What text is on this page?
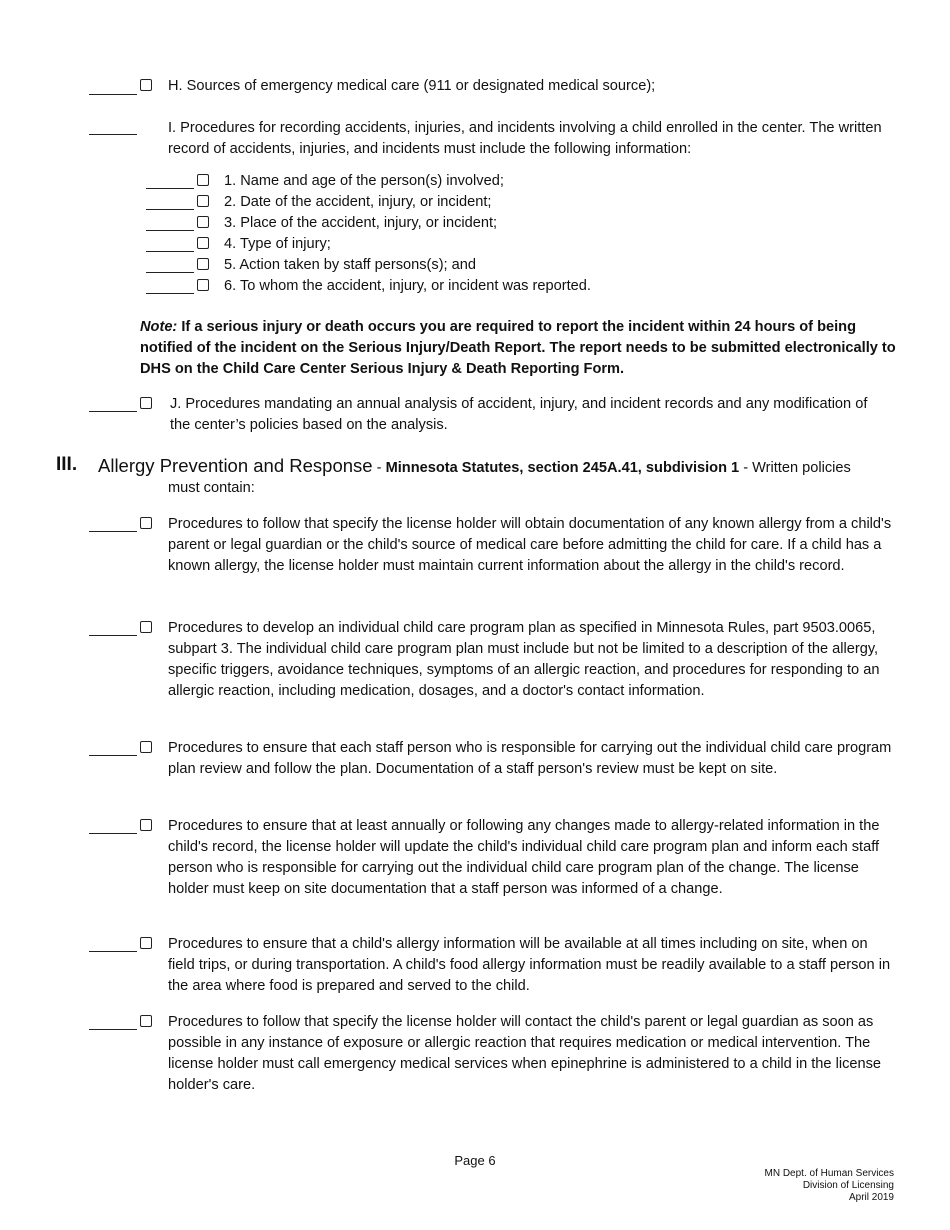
H. Sources of emergency medical care (911 or designated medical source);
I. Procedures for recording accidents, injuries, and incidents involving a child enrolled in the center. The written record of accidents, injuries, and incidents must include the following information:
1. Name and age of the person(s) involved;
2. Date of the accident, injury, or incident;
3. Place of the accident, injury, or incident;
4. Type of injury;
5. Action taken by staff persons(s); and
6. To whom the accident, injury, or incident was reported.
Note: If a serious injury or death occurs you are required to report the incident within 24 hours of being notified of the incident on the Serious Injury/Death Report. The report needs to be submitted electronically to DHS on the Child Care Center Serious Injury & Death Reporting Form.
J. Procedures mandating an annual analysis of accident, injury, and incident records and any modification of the center’s policies based on the analysis.
III. Allergy Prevention and Response - Minnesota Statutes, section 245A.41, subdivision 1 - Written policies
must contain:
Procedures to follow that specify the license holder will obtain documentation of any known allergy from a child's parent or legal guardian or the child's source of medical care before admitting the child for care. If a child has a known allergy, the license holder must maintain current information about the allergy in the child's record.
Procedures to develop an individual child care program plan as specified in Minnesota Rules, part 9503.0065, subpart 3. The individual child care program plan must include but not be limited to a description of the allergy, specific triggers, avoidance techniques, symptoms of an allergic reaction, and procedures for responding to an allergic reaction, including medication, dosages, and a doctor's contact information.
Procedures to ensure that each staff person who is responsible for carrying out the individual child care program plan review and follow the plan. Documentation of a staff person's review must be kept on site.
Procedures to ensure that at least annually or following any changes made to allergy-related information in the child's record, the license holder will update the child's individual child care program plan and inform each staff person who is responsible for carrying out the individual child care program plan of the change. The license holder must keep on site documentation that a staff person was informed of a change.
Procedures to ensure that a child's allergy information will be available at all times including on site, when on field trips, or during transportation. A child's food allergy information must be readily available to a staff person in the area where food is prepared and served to the child.
Procedures to follow that specify the license holder will contact the child's parent or legal guardian as soon as possible in any instance of exposure or allergic reaction that requires medication or medical intervention. The license holder must call emergency medical services when epinephrine is administered to a child in the license holder's care.
Page 6
MN Dept. of Human Services
Division of Licensing
April 2019
